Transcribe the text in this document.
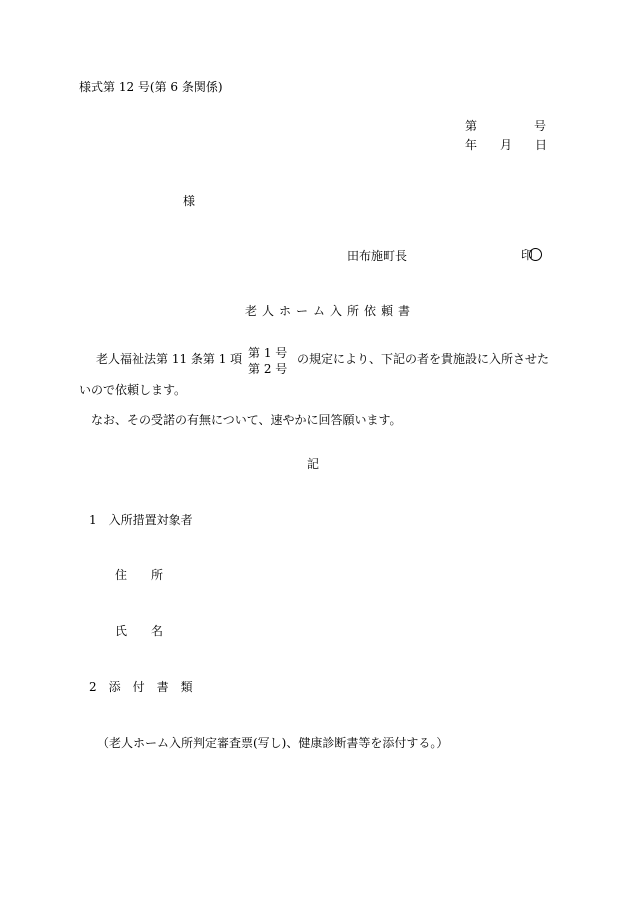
様式第 12 号(第 6 条関係)
第	号
年 月 日
様
田布施町長	印
老人ホーム入所依頼書
老人福祉法第 11 条第 1 項 第 1 号
第 2 号
の規定により、下記の者を貴施設に入所させた
いので依頼します。
なお、その受諾の有無について、速やかに回答願います。
記
1　入所措置対象者
住　　所
氏　　名
2　添　付　書　類
（老人ホーム入所判定審査票(写し)、健康診断書等を添付する。）
